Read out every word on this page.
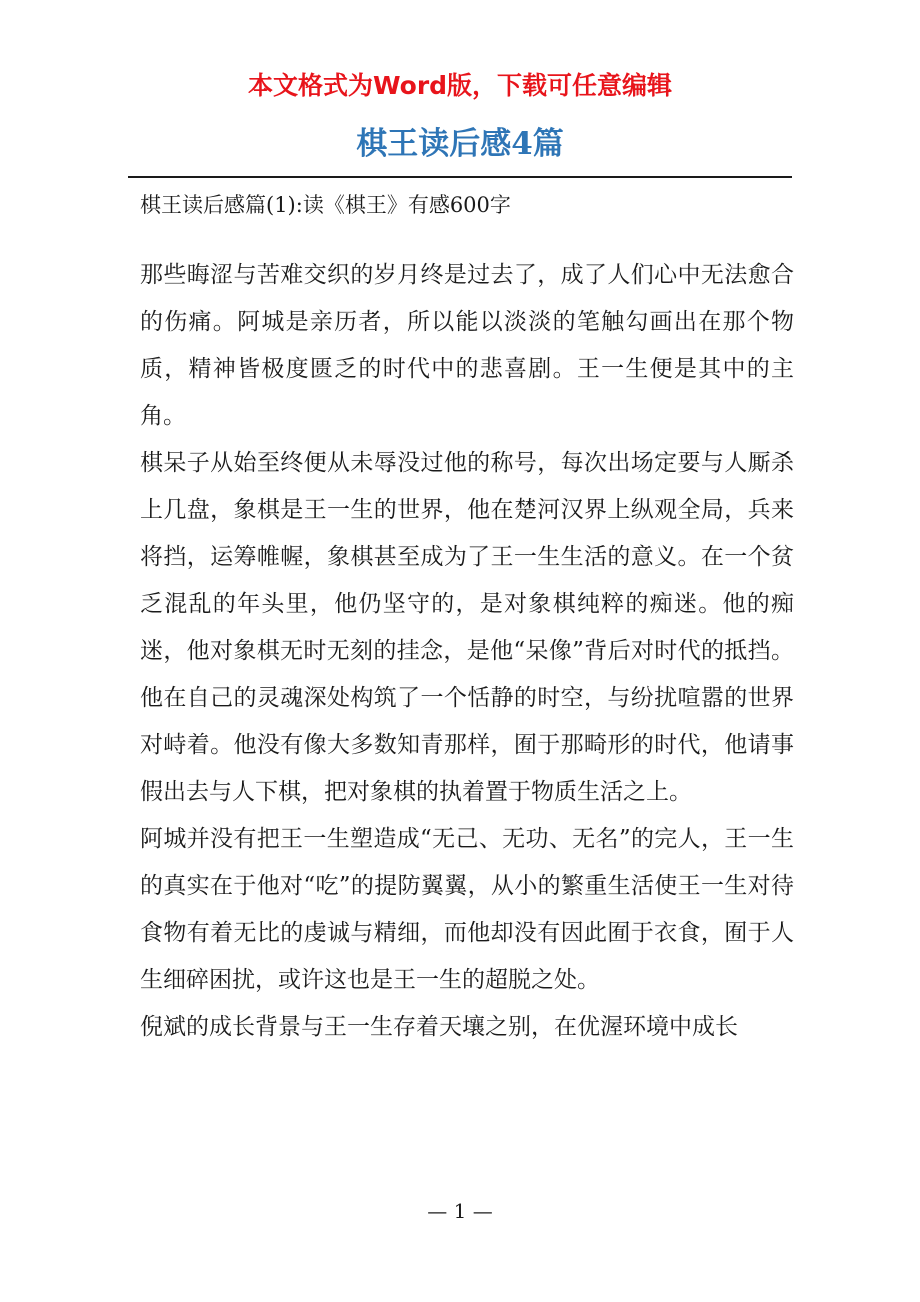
本文格式为Word版，下载可任意编辑
棋王读后感4篇
棋王读后感篇(1):读《棋王》有感600字

那些晦涩与苦难交织的岁月终是过去了，成了人们心中无法愈合的伤痛。阿城是亲历者，所以能以淡淡的笔触勾画出在那个物质，精神皆极度匮乏的时代中的悲喜剧。王一生便是其中的主角。

棋呆子从始至终便从未辱没过他的称号，每次出场定要与人厮杀上几盘，象棋是王一生的世界，他在楚河汉界上纵观全局，兵来将挡，运筹帷幄，象棋甚至成为了王一生生活的意义。在一个贫乏混乱的年头里，他仍坚守的，是对象棋纯粹的痴迷。他的痴迷，他对象棋无时无刻的挂念，是他“呆像”背后对时代的抵挡。他在自己的灵魂深处构筑了一个恬静的时空，与纷扰喧嚣的世界对峙着。他没有像大多数知青那样，囿于那畸形的时代，他请事假出去与人下棋，把对象棋的执着置于物质生活之上。

阿城并没有把王一生塑造成“无己、无功、无名”的完人，王一生的真实在于他对“吃”的提防翼翼，从小的繁重生活使王一生对待食物有着无比的虔诚与精细，而他却没有因此囿于衣食，囿于人生细碎困扰，或许这也是王一生的超脱之处。

倪斌的成长背景与王一生存着天壤之别，在优渥环境中成长

— 1 —
